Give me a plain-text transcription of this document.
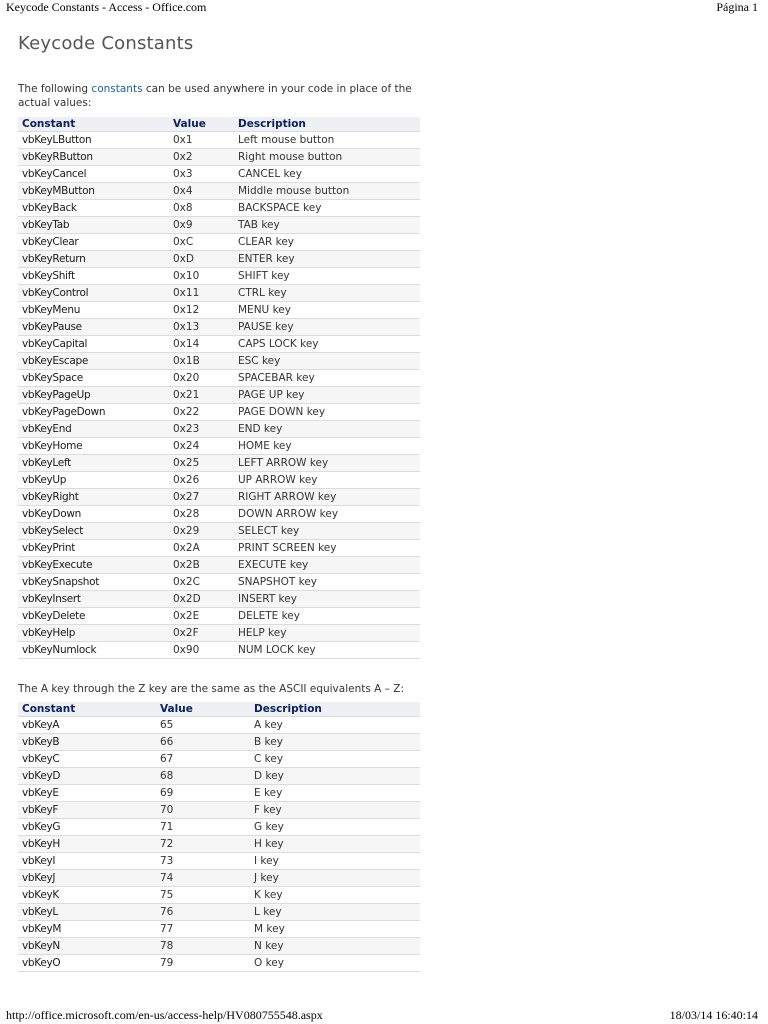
Keycode Constants - Access - Office.com	Página 1
Keycode Constants

The following constants can be used anywhere in your code in place of the actual values:

Constant	Value	Description
vbKeyLButton	0x1	Left mouse button
vbKeyRButton	0x2	Right mouse button
vbKeyCancel	0x3	CANCEL key
vbKeyMButton	0x4	Middle mouse button
vbKeyBack	0x8	BACKSPACE key
vbKeyTab	0x9	TAB key
vbKeyClear	0xC	CLEAR key
vbKeyReturn	0xD	ENTER key
vbKeyShift	0x10	SHIFT key
vbKeyControl	0x11	CTRL key
vbKeyMenu	0x12	MENU key
vbKeyPause	0x13	PAUSE key
vbKeyCapital	0x14	CAPS LOCK key
vbKeyEscape	0x1B	ESC key
vbKeySpace	0x20	SPACEBAR key
vbKeyPageUp	0x21	PAGE UP key
vbKeyPageDown	0x22	PAGE DOWN key
vbKeyEnd	0x23	END key
vbKeyHome	0x24	HOME key
vbKeyLeft	0x25	LEFT ARROW key
vbKeyUp	0x26	UP ARROW key
vbKeyRight	0x27	RIGHT ARROW key
vbKeyDown	0x28	DOWN ARROW key
vbKeySelect	0x29	SELECT key
vbKeyPrint	0x2A	PRINT SCREEN key
vbKeyExecute	0x2B	EXECUTE key
vbKeySnapshot	0x2C	SNAPSHOT key
vbKeyInsert	0x2D	INSERT key
vbKeyDelete	0x2E	DELETE key
vbKeyHelp	0x2F	HELP key
vbKeyNumlock	0x90	NUM LOCK key

The A key through the Z key are the same as the ASCII equivalents A – Z:

Constant	Value	Description
vbKeyA	65	A key
vbKeyB	66	B key
vbKeyC	67	C key
vbKeyD	68	D key
vbKeyE	69	E key
vbKeyF	70	F key
vbKeyG	71	G key
vbKeyH	72	H key
vbKeyI	73	I key
vbKeyJ	74	J key
vbKeyK	75	K key
vbKeyL	76	L key
vbKeyM	77	M key
vbKeyN	78	N key
vbKeyO	79	O key
http://office.microsoft.com/en-us/access-help/HV080755548.aspx	18/03/14 16:40:14
